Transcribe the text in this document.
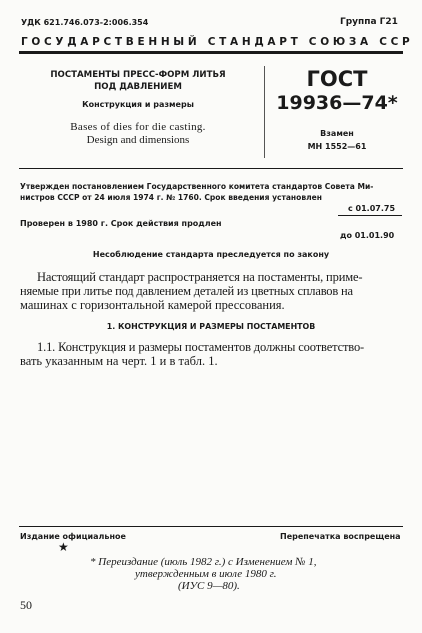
УДК 621.746.073-2:006.354	Группа Г21
ГОСУДАРСТВЕННЫЙ СТАНДАРТ СОЮЗА ССР
ПОСТАМЕНТЫ ПРЕСС-ФОРМ ЛИТЬЯ
ПОД ДАВЛЕНИЕМ
Конструкция и размеры
Bases of dies for die casting.
Design and dimensions
ГОСТ
19936—74*
Взамен
МН 1552—61
Утвержден постановлением Государственного комитета стандартов Совета Ми-
нистров СССР от 24 июля 1974 г. № 1760. Срок введения установлен
с 01.07.75
Проверен в 1980 г. Срок действия продлен
до 01.01.90
Несоблюдение стандарта преследуется по закону
Настоящий стандарт распространяется на постаменты, приме-
няемые при литье под давлением деталей из цветных сплавов на
машинах с горизонтальной камерой прессования.
1. КОНСТРУКЦИЯ И РАЗМЕРЫ ПОСТАМЕНТОВ
1.1. Конструкция и размеры постаментов должны соответство-
вать указанным на черт. 1 и в табл. 1.
Издание официальное	Перепечатка воспрещена
★
* Переиздание (июль 1982 г.) с Изменением № 1,
утвержденным в июле 1980 г.
(ИУС 9—80).
50
